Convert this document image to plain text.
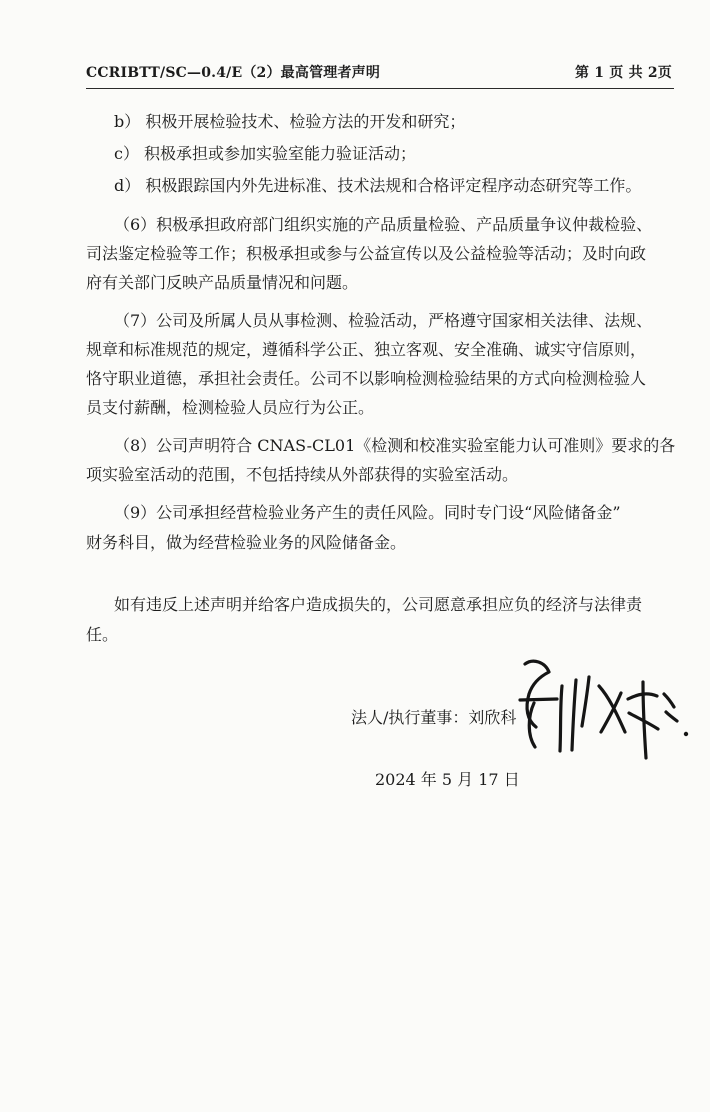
CCRIBTT/SC—0.4/E（2）最高管理者声明	第 1 页 共 2页
b） 积极开展检验技术、检验方法的开发和研究；
c） 积极承担或参加实验室能力验证活动；
d） 积极跟踪国内外先进标准、技术法规和合格评定程序动态研究等工作。
（6）积极承担政府部门组织实施的产品质量检验、产品质量争议仲裁检验、
司法鉴定检验等工作；积极承担或参与公益宣传以及公益检验等活动；及时向政
府有关部门反映产品质量情况和问题。
（7）公司及所属人员从事检测、检验活动，严格遵守国家相关法律、法规、
规章和标准规范的规定，遵循科学公正、独立客观、安全准确、诚实守信原则，
恪守职业道德，承担社会责任。公司不以影响检测检验结果的方式向检测检验人
员支付薪酬，检测检验人员应行为公正。
（8）公司声明符合 CNAS-CL01《检测和校准实验室能力认可准则》要求的各
项实验室活动的范围，不包括持续从外部获得的实验室活动。
（9）公司承担经营检验业务产生的责任风险。同时专门设“风险储备金”
财务科目，做为经营检验业务的风险储备金。
如有违反上述声明并给客户造成损失的，公司愿意承担应负的经济与法律责
任。
法人/执行董事：刘欣科
2024 年 5 月 17 日
